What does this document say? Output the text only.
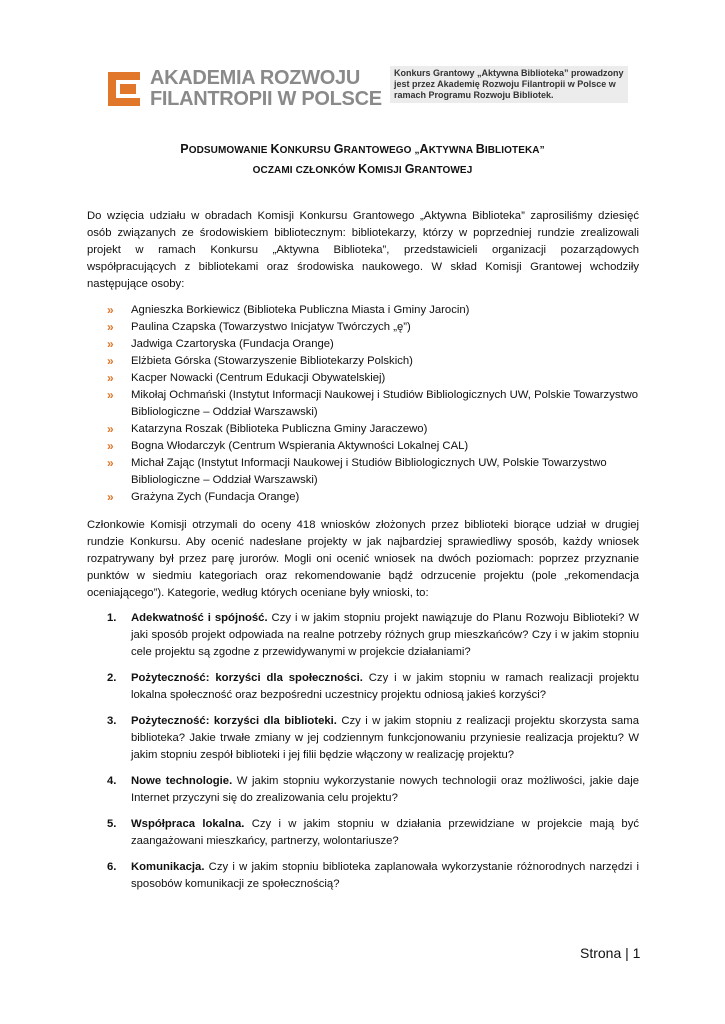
AKADEMIA ROZWOJU
FILANTROPII W POLSCE
Konkurs Grantowy „Aktywna Biblioteka” prowadzony jest przez Akademię Rozwoju Filantropii w Polsce w ramach Programu Rozwoju Bibliotek.
PODSUMOWANIE KONKURSU GRANTOWEGO „AKTYWNA BIBLIOTEKA”
OCZAMI CZŁONKÓW KOMISJI GRANTOWEJ

Do wzięcia udziału w obradach Komisji Konkursu Grantowego „Aktywna Biblioteka” zaprosiliśmy dziesięć osób związanych ze środowiskiem bibliotecznym: bibliotekarzy, którzy w poprzedniej rundzie zrealizowali projekt w ramach Konkursu „Aktywna Biblioteka”, przedstawicieli organizacji pozarządowych współpracujących z bibliotekami oraz środowiska naukowego. W skład Komisji Grantowej wchodziły następujące osoby:

» Agnieszka Borkiewicz (Biblioteka Publiczna Miasta i Gminy Jarocin)
» Paulina Czapska (Towarzystwo Inicjatyw Twórczych „ę”)
» Jadwiga Czartoryska (Fundacja Orange)
» Elżbieta Górska (Stowarzyszenie Bibliotekarzy Polskich)
» Kacper Nowacki (Centrum Edukacji Obywatelskiej)
» Mikołaj Ochmański (Instytut Informacji Naukowej i Studiów Bibliologicznych UW, Polskie Towarzystwo Bibliologiczne – Oddział Warszawski)
» Katarzyna Roszak (Biblioteka Publiczna Gminy Jaraczewo)
» Bogna Włodarczyk (Centrum Wspierania Aktywności Lokalnej CAL)
» Michał Zając (Instytut Informacji Naukowej i Studiów Bibliologicznych UW, Polskie Towarzystwo Bibliologiczne – Oddział Warszawski)
» Grażyna Zych (Fundacja Orange)

Członkowie Komisji otrzymali do oceny 418 wniosków złożonych przez biblioteki biorące udział w drugiej rundzie Konkursu. Aby ocenić nadesłane projekty w jak najbardziej sprawiedliwy sposób, każdy wniosek rozpatrywany był przez parę jurorów. Mogli oni ocenić wniosek na dwóch poziomach: poprzez przyznanie punktów w siedmiu kategoriach oraz rekomendowanie bądź odrzucenie projektu (pole „rekomendacja oceniającego”). Kategorie, według których oceniane były wnioski, to:

1. Adekwatność i spójność. Czy i w jakim stopniu projekt nawiązuje do Planu Rozwoju Biblioteki? W jaki sposób projekt odpowiada na realne potrzeby różnych grup mieszkańców? Czy i w jakim stopniu cele projektu są zgodne z przewidywanymi w projekcie działaniami?
2. Pożyteczność: korzyści dla społeczności. Czy i w jakim stopniu w ramach realizacji projektu lokalna społeczność oraz bezpośredni uczestnicy projektu odniosą jakieś korzyści?
3. Pożyteczność: korzyści dla biblioteki. Czy i w jakim stopniu z realizacji projektu skorzysta sama biblioteka? Jakie trwałe zmiany w jej codziennym funkcjonowaniu przyniesie realizacja projektu? W jakim stopniu zespół biblioteki i jej filii będzie włączony w realizację projektu?
4. Nowe technologie. W jakim stopniu wykorzystanie nowych technologii oraz możliwości, jakie daje Internet przyczyni się do zrealizowania celu projektu?
5. Współpraca lokalna. Czy i w jakim stopniu w działania przewidziane w projekcie mają być zaangażowani mieszkańcy, partnerzy, wolontariusze?
6. Komunikacja. Czy i w jakim stopniu biblioteka zaplanowała wykorzystanie różnorodnych narzędzi i sposobów komunikacji ze społecznością?
Strona | 1
